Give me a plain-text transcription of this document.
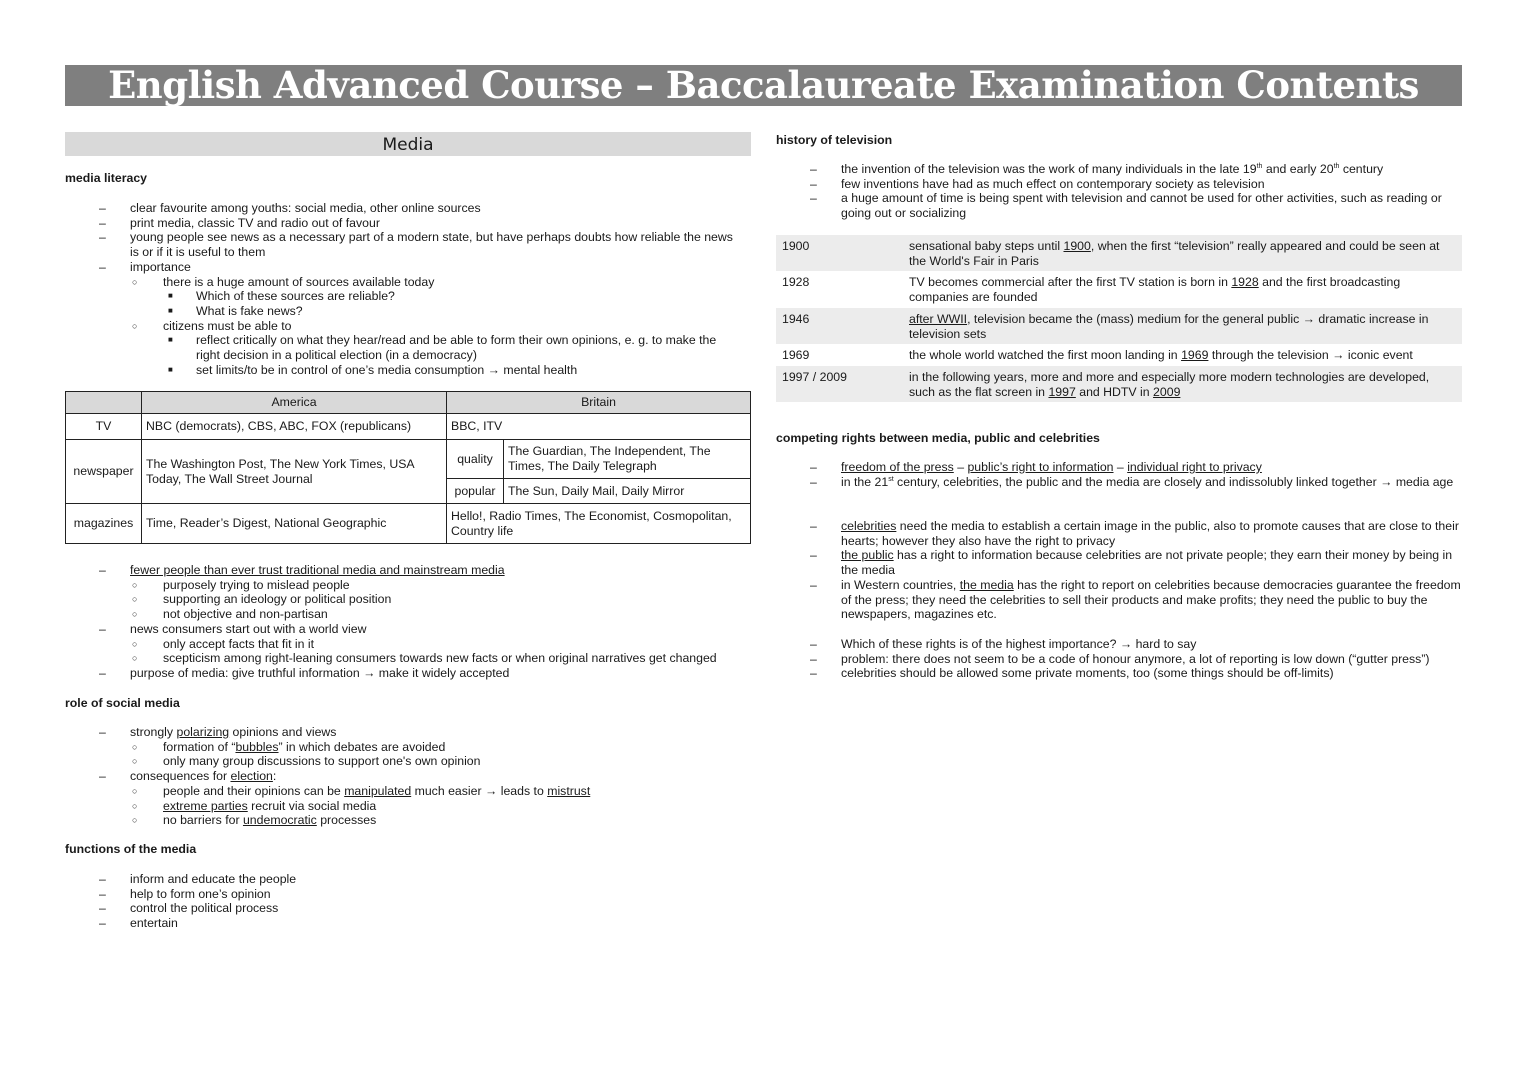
English Advanced Course – Baccalaureate Examination Contents
Media
media literacy
– clear favourite among youths: social media, other online sources
– print media, classic TV and radio out of favour
– young people see news as a necessary part of a modern state, but have perhaps doubts how reliable the news is or if it is useful to them
– importance
○ there is a huge amount of sources available today
■ Which of these sources are reliable?
■ What is fake news?
○ citizens must be able to
■ reflect critically on what they hear/read and be able to form their own opinions, e. g. to make the right decision in a political election (in a democracy)
■ set limits/to be in control of one’s media consumption → mental health
	America	Britain	
TV	NBC (democrats), CBS, ABC, FOX (republicans)	BBC, ITV	
newspaper	The Washington Post, The New York Times, USA Today, The Wall Street Journal	quality	The Guardian, The Independent, The Times, The Daily Telegraph
		popular	The Sun, Daily Mail, Daily Mirror
magazines	Time, Reader’s Digest, National Geographic	Hello!, Radio Times, The Economist, Cosmopolitan, Country life	
– fewer people than ever trust traditional media and mainstream media
○ purposely trying to mislead people
○ supporting an ideology or political position
○ not objective and non-partisan
– news consumers start out with a world view
○ only accept facts that fit in it
○ scepticism among right-leaning consumers towards new facts or when original narratives get changed
– purpose of media: give truthful information → make it widely accepted
role of social media
– strongly polarizing opinions and views
○ formation of “bubbles” in which debates are avoided
○ only many group discussions to support one's own opinion
– consequences for election:
○ people and their opinions can be manipulated much easier → leads to mistrust
○ extreme parties recruit via social media
○ no barriers for undemocratic processes
functions of the media
– inform and educate the people
– help to form one’s opinion
– control the political process
– entertain
history of television
– the invention of the television was the work of many individuals in the late 19th and early 20th century
– few inventions have had as much effect on contemporary society as television
– a huge amount of time is being spent with television and cannot be used for other activities, such as reading or going out or socializing
1900	sensational baby steps until 1900, when the first “television” really appeared and could be seen at the World's Fair in Paris
1928	TV becomes commercial after the first TV station is born in 1928 and the first broadcasting companies are founded
1946	after WWII, television became the (mass) medium for the general public → dramatic increase in television sets
1969	the whole world watched the first moon landing in 1969 through the television → iconic event
1997 / 2009	in the following years, more and more and especially more modern technologies are developed, such as the flat screen in 1997 and HDTV in 2009
competing rights between media, public and celebrities
– freedom of the press – public’s right to information – individual right to privacy
– in the 21st century, celebrities, the public and the media are closely and indissolubly linked together → media age
– celebrities need the media to establish a certain image in the public, also to promote causes that are close to their hearts; however they also have the right to privacy
– the public has a right to information because celebrities are not private people; they earn their money by being in the media
– in Western countries, the media has the right to report on celebrities because democracies guarantee the freedom of the press; they need the celebrities to sell their products and make profits; they need the public to buy the newspapers, magazines etc.
– Which of these rights is of the highest importance? → hard to say
– problem: there does not seem to be a code of honour anymore, a lot of reporting is low down (“gutter press”)
– celebrities should be allowed some private moments, too (some things should be off-limits)
